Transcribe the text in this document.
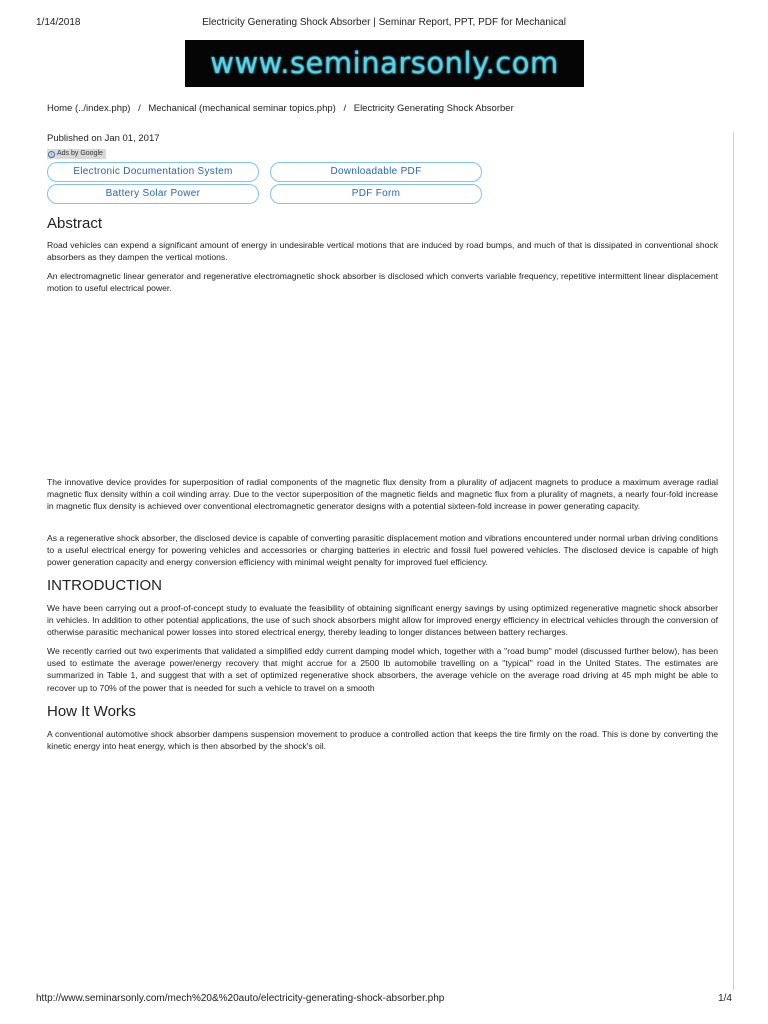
1/14/2018	Electricity Generating Shock Absorber | Seminar Report, PPT, PDF for Mechanical
www.seminarsonly.com
Home (../index.php) / Mechanical (mechanical seminar topics.php) / Electricity Generating Shock Absorber
Published on Jan 01, 2017
i Ads by Google
Electronic Documentation System	Downloadable PDF
Battery Solar Power	PDF Form
Abstract

Road vehicles can expend a significant amount of energy in undesirable vertical motions that are induced by road bumps, and much of that is dissipated in conventional shock absorbers as they dampen the vertical motions.

An electromagnetic linear generator and regenerative electromagnetic shock absorber is disclosed which converts variable frequency, repetitive intermittent linear displacement motion to useful electrical power.

The innovative device provides for superposition of radial components of the magnetic flux density from a plurality of adjacent magnets to produce a maximum average radial magnetic flux density within a coil winding array. Due to the vector superposition of the magnetic fields and magnetic flux from a plurality of magnets, a nearly four-fold increase in magnetic flux density is achieved over conventional electromagnetic generator designs with a potential sixteen-fold increase in power generating capacity.

As a regenerative shock absorber, the disclosed device is capable of converting parasitic displacement motion and vibrations encountered under normal urban driving conditions to a useful electrical energy for powering vehicles and accessories or charging batteries in electric and fossil fuel powered vehicles. The disclosed device is capable of high power generation capacity and energy conversion efficiency with minimal weight penalty for improved fuel efficiency.

INTRODUCTION

We have been carrying out a proof-of-concept study to evaluate the feasibility of obtaining significant energy savings by using optimized regenerative magnetic shock absorber in vehicles. In addition to other potential applications, the use of such shock absorbers might allow for improved energy efficiency in electrical vehicles through the conversion of otherwise parasitic mechanical power losses into stored electrical energy, thereby leading to longer distances between battery recharges.

We recently carried out two experiments that validated a simplified eddy current damping model which, together with a "road bump" model (discussed further below), has been used to estimate the average power/energy recovery that might accrue for a 2500 lb automobile travelling on a "typical" road in the United States. The estimates are summarized in Table 1, and suggest that with a set of optimized regenerative shock absorbers, the average vehicle on the average road driving at 45 mph might be able to recover up to 70% of the power that is needed for such a vehicle to travel on a smooth

How It Works

A conventional automotive shock absorber dampens suspension movement to produce a controlled action that keeps the tire firmly on the road. This is done by converting the kinetic energy into heat energy, which is then absorbed by the shock's oil.

http://www.seminarsonly.com/mech%20&%20auto/electricity-generating-shock-absorber.php	1/4
